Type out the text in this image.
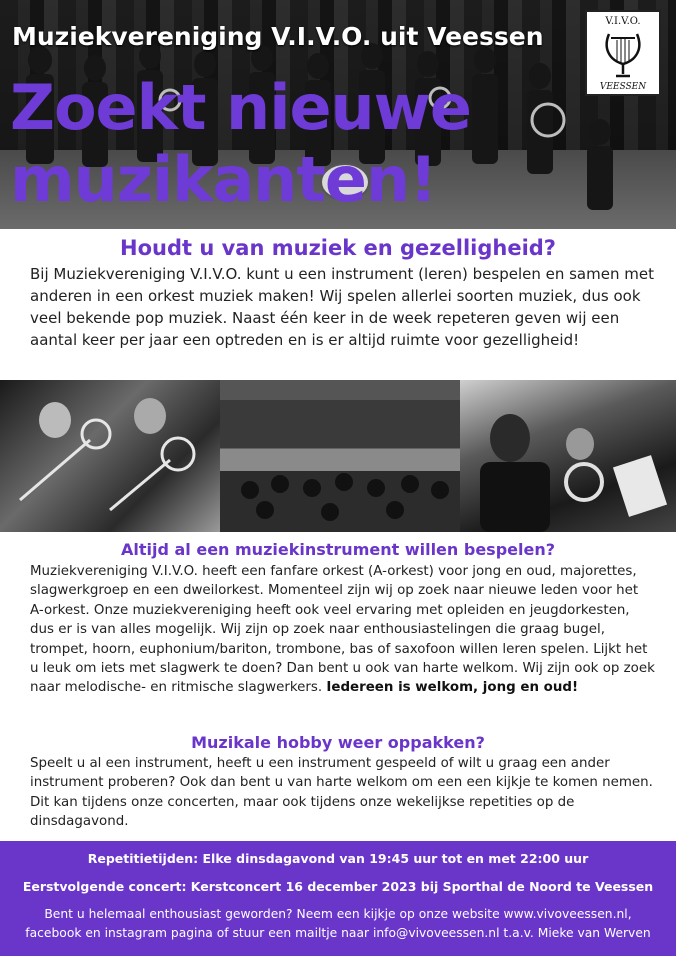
Muziekvereniging V.I.V.O. uit Veessen
Zoekt nieuwe
muzikanten!
V.I.V.O.
VEESSEN
Houdt u van muziek en gezelligheid?
Bij Muziekvereniging V.I.V.O. kunt u een instrument (leren) bespelen en samen met anderen in een orkest muziek maken! Wij spelen allerlei soorten muziek, dus ook veel bekende pop muziek. Naast één keer in de week repeteren geven wij een aantal keer per jaar een optreden en is er altijd ruimte voor gezelligheid!
Altijd al een muziekinstrument willen bespelen?
Muziekvereniging V.I.V.O. heeft een fanfare orkest (A-orkest) voor jong en oud, majorettes, slagwerkgroep en een dweilorkest. Momenteel zijn wij op zoek naar nieuwe leden voor het A-orkest. Onze muziekvereniging heeft ook veel ervaring met opleiden en jeugdorkesten, dus er is van alles mogelijk. Wij zijn op zoek naar enthousiastelingen die graag bugel, trompet, hoorn, euphonium/bariton, trombone, bas of saxofoon willen leren spelen. Lijkt het u leuk om iets met slagwerk te doen? Dan bent u ook van harte welkom. Wij zijn ook op zoek naar melodische- en ritmische slagwerkers. Iedereen is welkom, jong en oud!
Muzikale hobby weer oppakken?
Speelt u al een instrument, heeft u een instrument gespeeld of wilt u graag een ander instrument proberen? Ook dan bent u van harte welkom om een een kijkje te komen nemen. Dit kan tijdens onze concerten, maar ook tijdens onze wekelijkse repetities op de dinsdagavond.
Repetitietijden: Elke dinsdagavond van 19:45 uur tot en met 22:00 uur
Eerstvolgende concert: Kerstconcert 16 december 2023 bij Sporthal de Noord te Veessen
Bent u helemaal enthousiast geworden? Neem een kijkje op onze website www.vivoveessen.nl,
facebook en instagram pagina of stuur een mailtje naar info@vivoveessen.nl t.a.v. Mieke van Werven
